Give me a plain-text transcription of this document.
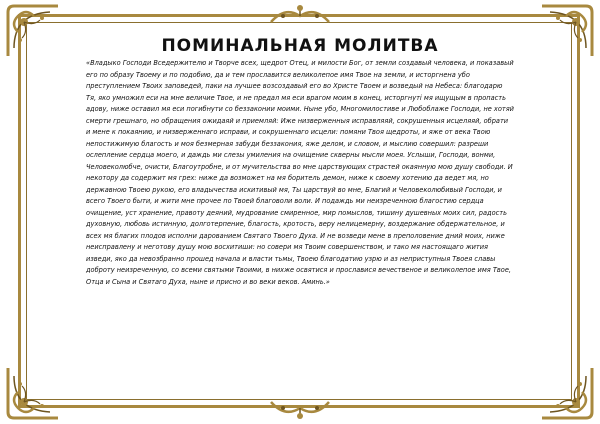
ПОМИНАЛЬНАЯ МОЛИТВА

«Владыко Господи Вседержителю и Творче всех, щедрот Отец, и милости Бог, от земли создавый человека, и показавый его по образу Твоему и по подобию, да и тем прославится великолепое имя Твое на земли, и исторгнена убо преступлением Твоих заповедей, паки на лучшее возсоздавый его во Христе Твоем и возведый на Небеса: благодарю Тя, яко умножил еси на мне величие Твое, и не предал мя еси врагом моим в конец, исторгнуті мя ищущым в пропасть адову, ниже оставил мя еси погибнути со беззаконии моими. Ныне убо, Многомилостиве и Любоблаже Господи, не хотяй смерти грешнаго, но обращения ожидаяй и приемляй: Иже низверженныя исправляяй, сокрушенныя исцеляяй, обрати и мене к покаянию, и низверженнаго исправи, и сокрушеннаго исцели: помяни Твоя щедроты, и яже от века Твою непостижимую благость и моя безмерная забуди беззакония, яже делом, и словом, и мыслию совершил: разреши ослепление сердца моего, и даждь ми слезы умиления на очищение скверны мысли моея. Услыши, Господи, вонми, Человеколюбче, очисти, Благоутробне, и от мучительства во мне царствующих страстей окаянную мою душу свободи. И некотору да содержит мя грех: ниже да возможет на мя боритель демон, ниже к своему хотению да ведет мя, но державною Твоею рукою, его владычества искитивый мя, Ты царствуй во мне, Благий и Человеколюбивый Господи, и всего Твоего быти, и жити мне прочее по Твоей благоволи воли. И подаждь ми неизреченною благостию сердца очищение, уст хранение, правоту деяний, мудрование смиренное, мир помыслов, тишину душевных моих сил, радость духовную, любовь истинную, долготерпение, благость, кротость, веру нелицемерну, воздержание обдержательное, и всех мя благих плодов исполни дарованием Святаго Твоего Духа. И не возведи мене в преполовение дний моих, ниже неисправлену и неготову душу мою восхитиши: но совери мя Твоим совершенством, и тако мя настоящаго жития изведи, яко да невозбранно прошед начала и власти тьмы, Твоею благодатию узрю и аз неприступныя Твоея славы доброту неизреченную, со всеми святыми Твоими, в нихже освятися и прославися вечественое и великолепое имя Твое, Отца и Сына и Святаго Духа, ныне и присно и во веки веков. Аминь.»
